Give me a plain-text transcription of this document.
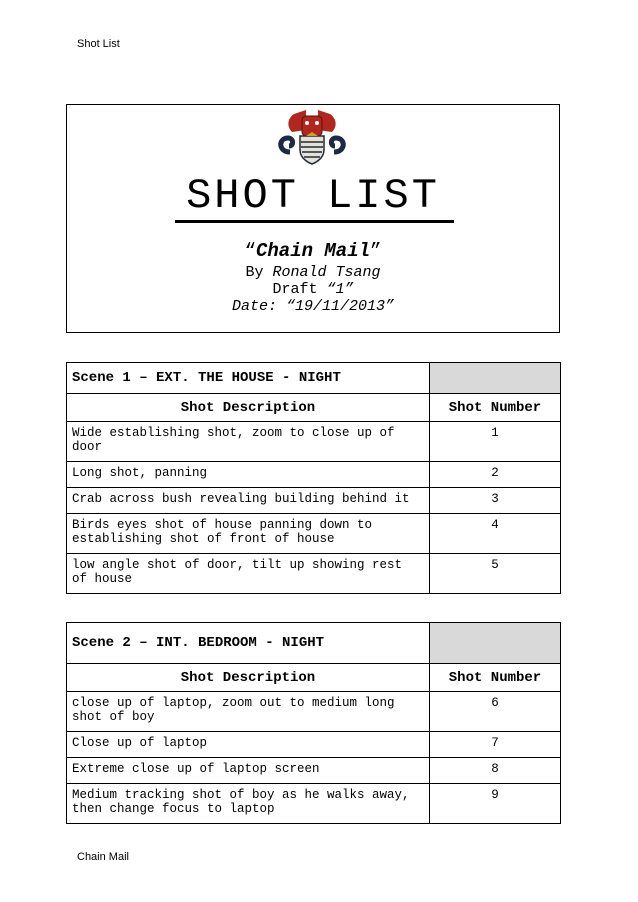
Shot List
SHOT LIST
“Chain Mail”
By Ronald Tsang
Draft “1”
Date: “19/11/2013”
Scene 1 – EXT. THE HOUSE - NIGHT	
Shot Description	Shot Number
Wide establishing shot, zoom to close up of door	1
Long shot, panning	2
Crab across bush revealing building behind it	3
Birds eyes shot of house panning down to establishing shot of front of house	4
low angle shot of door, tilt up showing rest of house	5
Scene 2 – INT. BEDROOM - NIGHT	
Shot Description	Shot Number
close up of laptop, zoom out to medium long shot of boy	6
Close up of laptop	7
Extreme close up of laptop screen	8
Medium tracking shot of boy as he walks away, then change focus to laptop	9
Chain Mail
